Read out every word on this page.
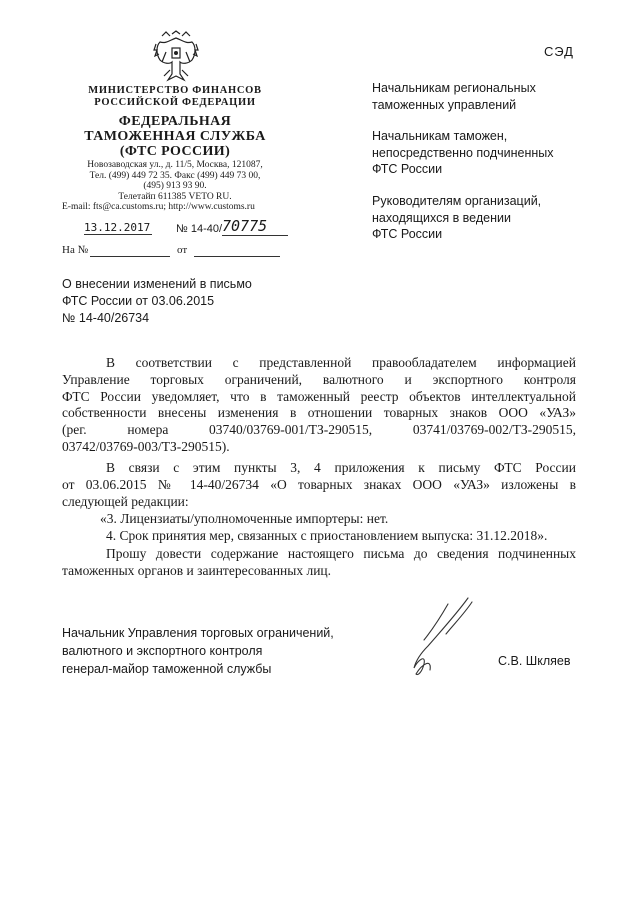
СЭД
МИНИСТЕРСТВО ФИНАНСОВ
РОССИЙСКОЙ ФЕДЕРАЦИИ
ФЕДЕРАЛЬНАЯ
ТАМОЖЕННАЯ СЛУЖБА
(ФТС РОССИИ)
Новозаводская ул., д. 11/5, Москва, 121087,
Тел. (499) 449 72 35. Факс (499) 449 73 00,
(495) 913 93 90.
Телетайп 611385 VETO RU.
E-mail: fts@ca.customs.ru; http://www.customs.ru
13.12.2017 № 14-40/ 70775
На №	от
Начальникам региональных
таможенных управлений
Начальникам таможен,
непосредственно подчиненных
ФТС России
Руководителям организаций,
находящихся в ведении
ФТС России
О внесении изменений в письмо
ФТС России от 03.06.2015
№ 14-40/26734
В соответствии с представленной правообладателем информацией
Управление торговых ограничений, валютного и экспортного контроля
ФТС России уведомляет, что в таможенный реестр объектов интеллектуальной
собственности внесены изменения в отношении товарных знаков ООО «УАЗ»
(рег. номера 03740/03769-001/ТЗ-290515, 03741/03769-002/ТЗ-290515,
03742/03769-003/ТЗ-290515).
В связи с этим пункты 3, 4 приложения к письму ФТС России
от 03.06.2015 № 14-40/26734 «О товарных знаках ООО «УАЗ» изложены в
следующей редакции:
«3. Лицензиаты/уполномоченные импортеры: нет.
4. Срок принятия мер, связанных с приостановлением выпуска: 31.12.2018».
Прошу довести содержание настоящего письма до сведения подчиненных
таможенных органов и заинтересованных лиц.
Начальник Управления торговых ограничений,
валютного и экспортного контроля
генерал-майор таможенной службы
С.В. Шкляев
